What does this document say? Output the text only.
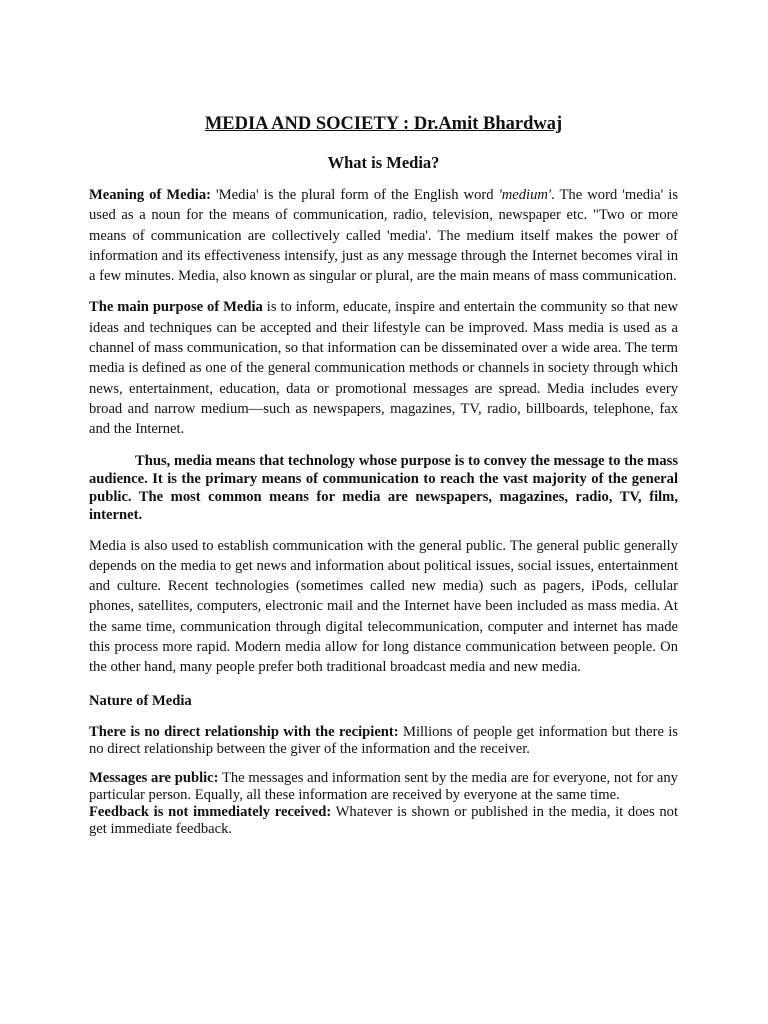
MEDIA AND SOCIETY : Dr.Amit Bhardwaj
What is Media?

Meaning of Media: 'Media' is the plural form of the English word 'medium'. The word 'media' is used as a noun for the means of communication, radio, television, newspaper etc. "Two or more means of communication are collectively called 'media'. The medium itself makes the power of information and its effectiveness intensify, just as any message through the Internet becomes viral in a few minutes. Media, also known as singular or plural, are the main means of mass communication.

The main purpose of Media is to inform, educate, inspire and entertain the community so that new ideas and techniques can be accepted and their lifestyle can be improved. Mass media is used as a channel of mass communication, so that information can be disseminated over a wide area. The term media is defined as one of the general communication methods or channels in society through which news, entertainment, education, data or promotional messages are spread. Media includes every broad and narrow medium—such as newspapers, magazines, TV, radio, billboards, telephone, fax and the Internet.

Thus, media means that technology whose purpose is to convey the message to the mass audience. It is the primary means of communication to reach the vast majority of the general public. The most common means for media are newspapers, magazines, radio, TV, film, internet.

Media is also used to establish communication with the general public. The general public generally depends on the media to get news and information about political issues, social issues, entertainment and culture. Recent technologies (sometimes called new media) such as pagers, iPods, cellular phones, satellites, computers, electronic mail and the Internet have been included as mass media. At the same time, communication through digital telecommunication, computer and internet has made this process more rapid. Modern media allow for long distance communication between people. On the other hand, many people prefer both traditional broadcast media and new media.

Nature of Media

There is no direct relationship with the recipient: Millions of people get information but there is no direct relationship between the giver of the information and the receiver.

Messages are public: The messages and information sent by the media are for everyone, not for any particular person. Equally, all these information are received by everyone at the same time.

Feedback is not immediately received: Whatever is shown or published in the media, it does not get immediate feedback.
